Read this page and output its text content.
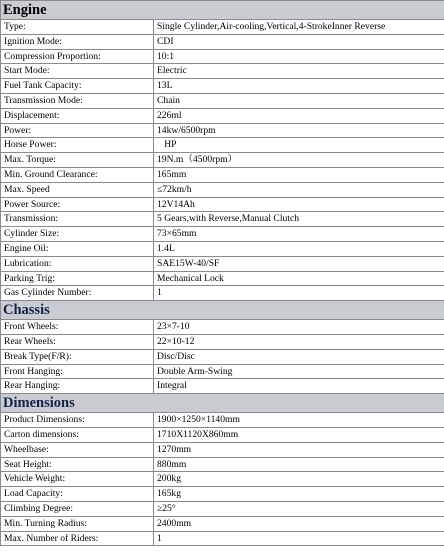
Engine	
Type:	Single Cylinder,Air-cooling,Vertical,4-StrokeInner Reverse
Ignition Mode:	CDI
Compression Proportion:	10:1
Start Mode:	Electric
Fuel Tank Capacity:	13L
Transmission Mode:	Chain
Displacement:	226ml
Power:	14kw/6500rpm
Horse Power:	HP
Max. Torque:	19N.m（4500rpm）
Min. Ground Clearance:	165mm
Max. Speed	≤72km/h
Power Source:	12V14Ah
Transmission:	5 Gears,with Reverse,Manual Clutch
Cylinder Size:	73×65mm
Engine Oil:	1.4L
Lubrication:	SAE15W-40/SF
Parking Trig:	Mechanical Lock
Gas Cylinder Number:	1
Chassis	
Front Wheels:	23×7-10
Rear Wheels:	22×10-12
Break Type(F/R):	Disc/Disc
Front Hanging:	Double Arm-Swing
Rear Hanging:	Integral
Dimensions	
Product Dimensions:	1900×1250×1140mm
Carton dimensions:	1710X1120X860mm
Wheelbase:	1270mm
Seat Height:	880mm
Vehicle Weight:	200kg
Load Capacity:	165kg
Climbing Degree:	≥25°
Min. Turning Radius:	2400mm
Max. Number of Riders:	1
